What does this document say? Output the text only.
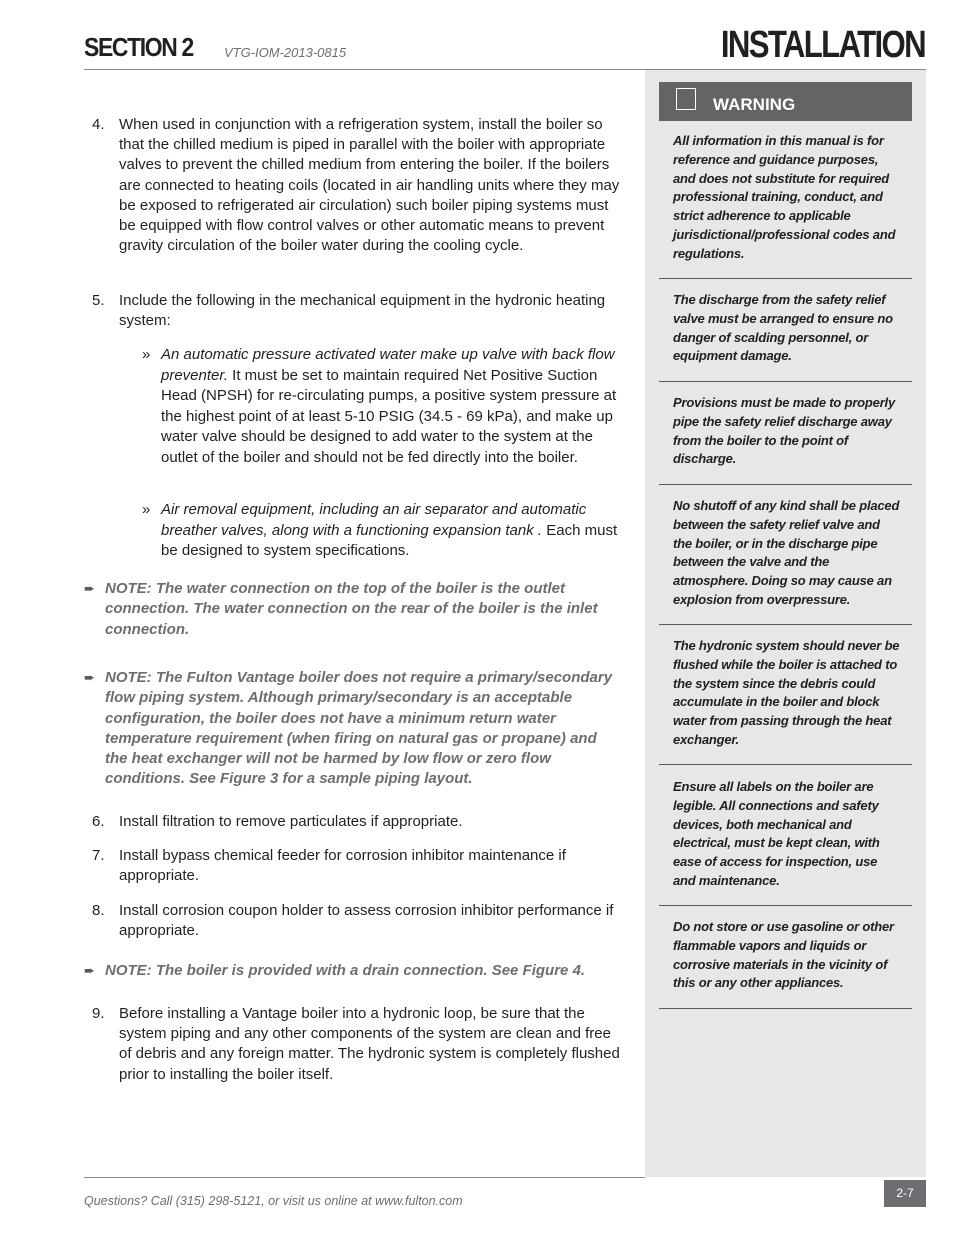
SECTION 2 VTG-IOM-2013-0815	INSTALLATION
WARNING

All information in this manual is for reference and guidance purposes, and does not substitute for required professional training, conduct, and strict adherence to applicable jurisdictional/professional codes and regulations.

The discharge from the safety relief valve must be arranged to ensure no danger of scalding personnel, or equipment damage.

Provisions must be made to properly pipe the safety relief discharge away from the boiler to the point of discharge.

No shutoff of any kind shall be placed between the safety relief valve and the boiler, or in the discharge pipe between the valve and the atmosphere. Doing so may cause an explosion from overpressure.

The hydronic system should never be flushed while the boiler is attached to the system since the debris could accumulate in the boiler and block water from passing through the heat exchanger.

Ensure all labels on the boiler are legible. All connections and safety devices, both mechanical and electrical, must be kept clean, with ease of access for inspection, use and maintenance.

Do not store or use gasoline or other flammable vapors and liquids or corrosive materials in the vicinity of this or any other appliances.

4. When used in conjunction with a refrigeration system, install the boiler so that the chilled medium is piped in parallel with the boiler with appropriate valves to prevent the chilled medium from entering the boiler. If the boilers are connected to heating coils (located in air handling units where they may be exposed to refrigerated air circulation) such boiler piping systems must be equipped with flow control valves or other automatic means to prevent gravity circulation of the boiler water during the cooling cycle.
5. Include the following in the mechanical equipment in the hydronic heating system:
» An automatic pressure activated water make up valve with back flow preventer. It must be set to maintain required Net Positive Suction Head (NPSH) for re-circulating pumps, a positive system pressure at the highest point of at least 5-10 PSIG (34.5 - 69 kPa), and make up water valve should be designed to add water to the system at the outlet of the boiler and should not be fed directly into the boiler.
» Air removal equipment, including an air separator and automatic breather valves, along with a functioning expansion tank . Each must be designed to system specifications.
➨ NOTE: The water connection on the top of the boiler is the outlet connection. The water connection on the rear of the boiler is the inlet connection.
➨ NOTE: The Fulton Vantage boiler does not require a primary/secondary flow piping system. Although primary/secondary is an acceptable configuration, the boiler does not have a minimum return water temperature requirement (when firing on natural gas or propane) and the heat exchanger will not be harmed by low flow or zero flow conditions. See Figure 3 for a sample piping layout.
6. Install filtration to remove particulates if appropriate.
7. Install bypass chemical feeder for corrosion inhibitor maintenance if appropriate.
8. Install corrosion coupon holder to assess corrosion inhibitor performance if appropriate.
➨ NOTE: The boiler is provided with a drain connection. See Figure 4.
9. Before installing a Vantage boiler into a hydronic loop, be sure that the system piping and any other components of the system are clean and free of debris and any foreign matter. The hydronic system is completely flushed prior to installing the boiler itself.
Questions? Call (315) 298-5121, or visit us online at www.fulton.com
2-7
